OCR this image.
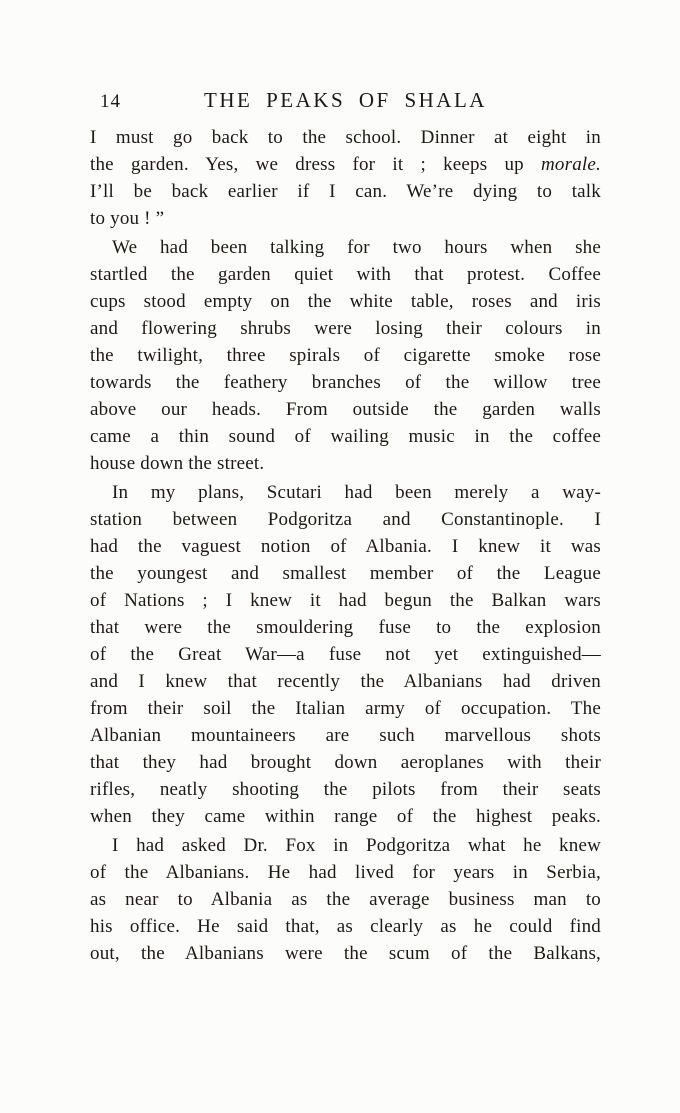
14	THE PEAKS OF SHALA
I must go back to the school. Dinner at eight in
the garden. Yes, we dress for it ; keeps up morale.
I’ll be back earlier if I can. We’re dying to talk
to you ! ”
We had been talking for two hours when she
startled the garden quiet with that protest. Coffee
cups stood empty on the white table, roses and iris
and flowering shrubs were losing their colours in
the twilight, three spirals of cigarette smoke rose
towards the feathery branches of the willow tree
above our heads. From outside the garden walls
came a thin sound of wailing music in the coffee
house down the street.
In my plans, Scutari had been merely a way-
station between Podgoritza and Constantinople. I
had the vaguest notion of Albania. I knew it was
the youngest and smallest member of the League
of Nations ; I knew it had begun the Balkan wars
that were the smouldering fuse to the explosion
of the Great War—a fuse not yet extinguished—
and I knew that recently the Albanians had driven
from their soil the Italian army of occupation. The
Albanian mountaineers are such marvellous shots
that they had brought down aeroplanes with their
rifles, neatly shooting the pilots from their seats
when they came within range of the highest peaks.
I had asked Dr. Fox in Podgoritza what he knew
of the Albanians. He had lived for years in Serbia,
as near to Albania as the average business man to
his office. He said that, as clearly as he could find
out, the Albanians were the scum of the Balkans,
